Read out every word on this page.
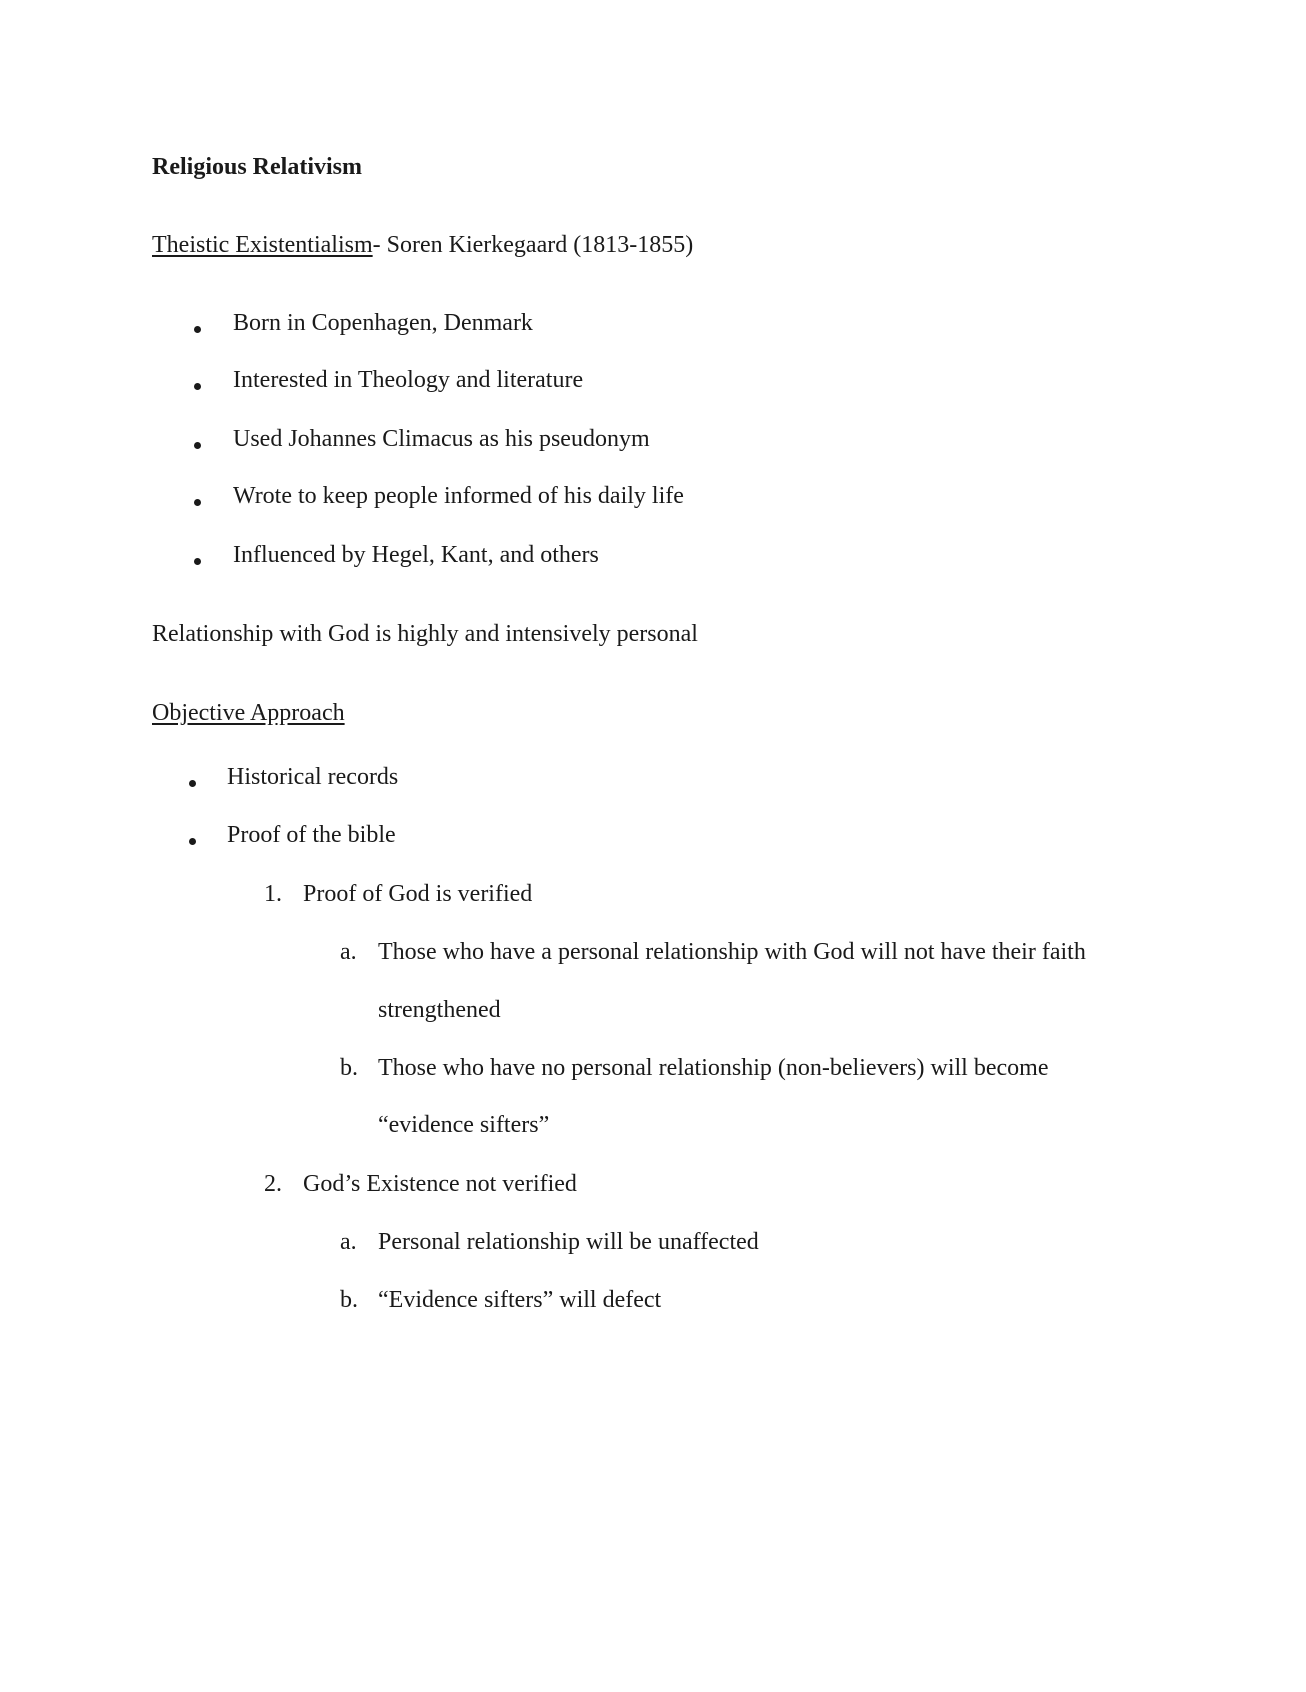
Religious Relativism
Theistic Existentialism- Soren Kierkegaard (1813-1855)
Born in Copenhagen, Denmark
Interested in Theology and literature
Used Johannes Climacus as his pseudonym
Wrote to keep people informed of his daily life
Influenced by Hegel, Kant, and others
Relationship with God is highly and intensively personal
Objective Approach
Historical records
Proof of the bible
1. Proof of God is verified
a. Those who have a personal relationship with God will not have their faith
strengthened
b. Those who have no personal relationship (non-believers) will become
“evidence sifters”
2. God’s Existence not verified
a. Personal relationship will be unaffected
b. “Evidence sifters” will defect
